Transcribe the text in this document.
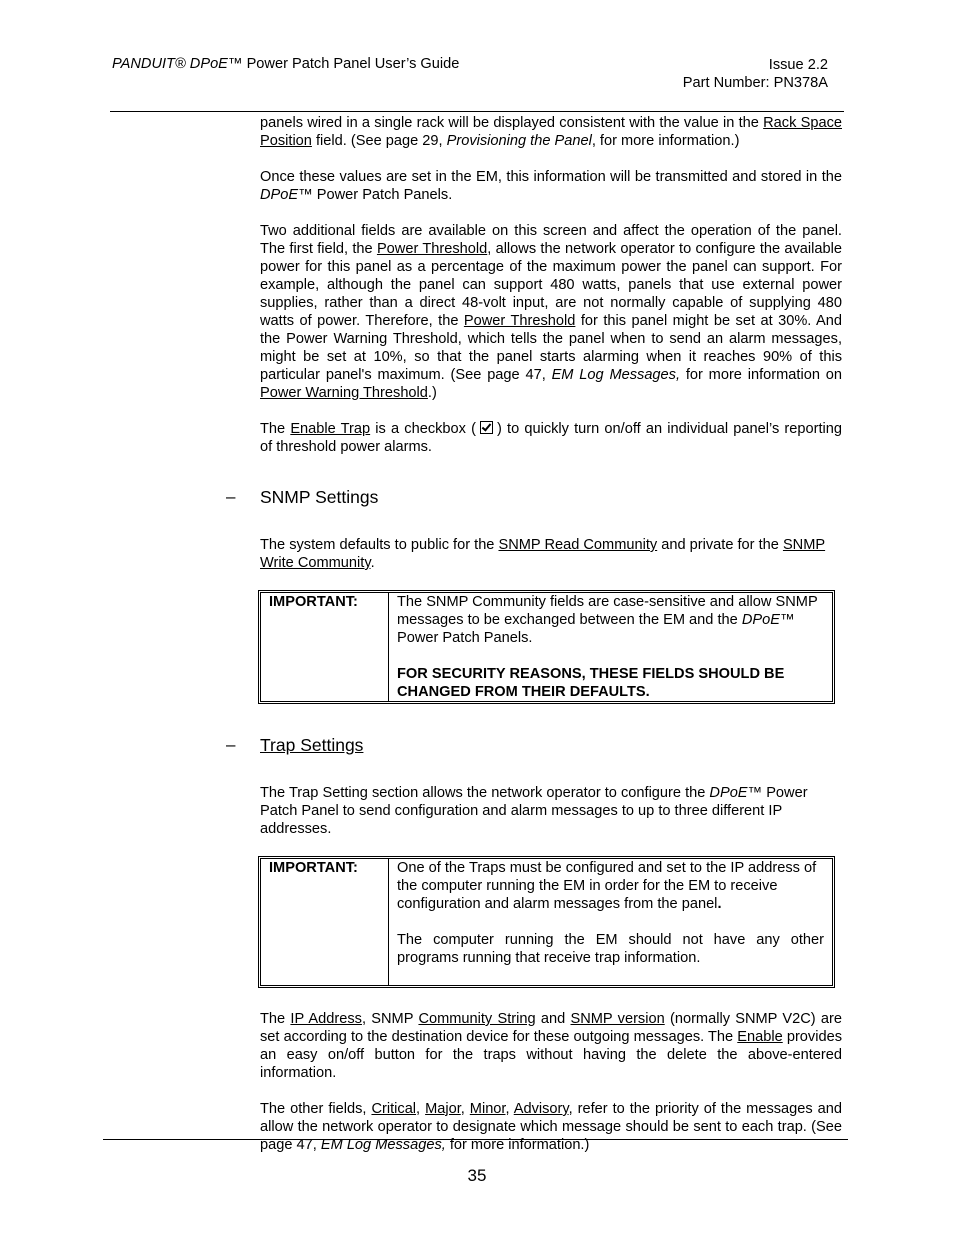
PANDUIT® DPoE™ Power Patch Panel User’s Guide	Issue 2.2
Part Number: PN378A

panels wired in a single rack will be displayed consistent with the value in the Rack Space Position field. (See page 29, Provisioning the Panel, for more information.)

Once these values are set in the EM, this information will be transmitted and stored in the DPoE™ Power Patch Panels.

Two additional fields are available on this screen and affect the operation of the panel. The first field, the Power Threshold, allows the network operator to configure the available power for this panel as a percentage of the maximum power the panel can support. For example, although the panel can support 480 watts, panels that use external power supplies, rather than a direct 48-volt input, are not normally capable of supplying 480 watts of power. Therefore, the Power Threshold for this panel might be set at 30%. And the Power Warning Threshold, which tells the panel when to send an alarm messages, might be set at 10%, so that the panel starts alarming when it reaches 90% of this particular panel's maximum. (See page 47, EM Log Messages, for more information on Power Warning Threshold.)

The Enable Trap is a checkbox ( ) to quickly turn on/off an individual panel’s reporting of threshold power alarms.

– SNMP Settings

The system defaults to public for the SNMP Read Community and private for the SNMP Write Community.

IMPORTANT:	The SNMP Community fields are case-sensitive and allow SNMP messages to be exchanged between the EM and the DPoE™ Power Patch Panels.

FOR SECURITY REASONS, THESE FIELDS SHOULD BE CHANGED FROM THEIR DEFAULTS.

– Trap Settings

The Trap Setting section allows the network operator to configure the DPoE™ Power Patch Panel to send configuration and alarm messages to up to three different IP addresses.

IMPORTANT:	One of the Traps must be configured and set to the IP address of the computer running the EM in order for the EM to receive configuration and alarm messages from the panel.

The computer running the EM should not have any other programs running that receive trap information.

The IP Address, SNMP Community String and SNMP version (normally SNMP V2C) are set according to the destination device for these outgoing messages. The Enable provides an easy on/off button for the traps without having the delete the above-entered information.

The other fields, Critical, Major, Minor, Advisory, refer to the priority of the messages and allow the network operator to designate which message should be sent to each trap. (See page 47, EM Log Messages, for more information.)

35
